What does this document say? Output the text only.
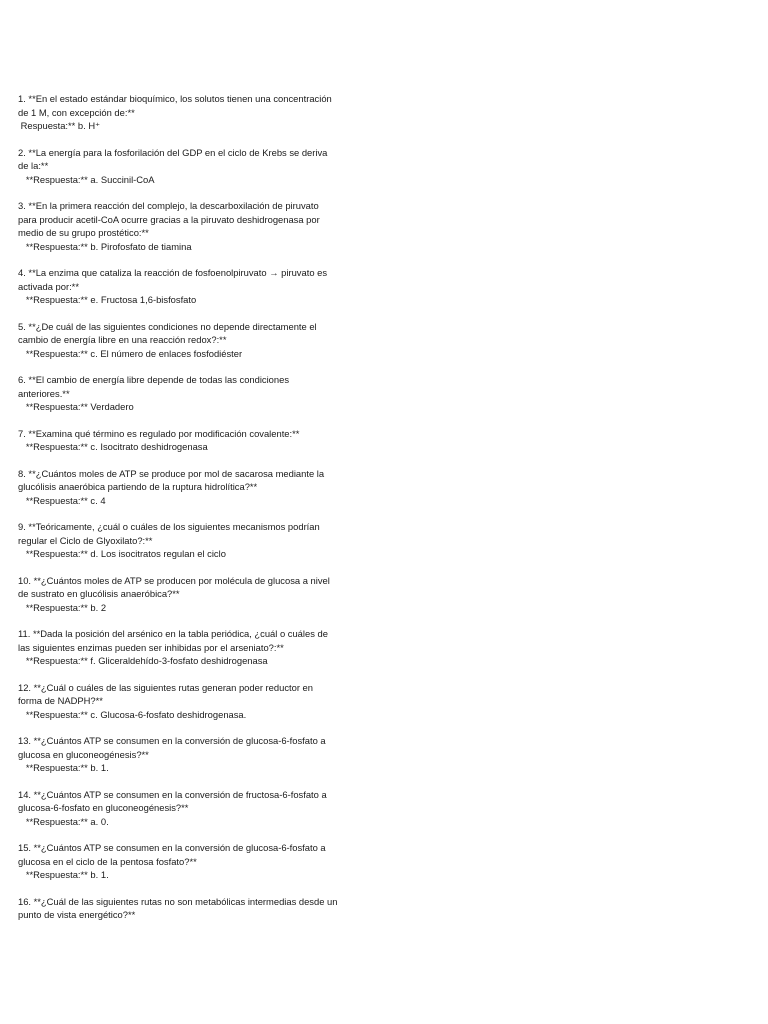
1. **En el estado estándar bioquímico, los solutos tienen una concentración de 1 M, con excepción de:**
Respuesta:** b. H⁺
2. **La energía para la fosforilación del GDP en el ciclo de Krebs se deriva de la:**
**Respuesta:** a. Succinil-CoA
3. **En la primera reacción del complejo, la descarboxilación de piruvato para producir acetil-CoA ocurre gracias a la piruvato deshidrogenasa por medio de su grupo prostético:**
**Respuesta:** b. Pirofosfato de tiamina
4. **La enzima que cataliza la reacción de fosfoenolpiruvato → piruvato es activada por:**
**Respuesta:** e. Fructosa 1,6-bisfosfato
5. **¿De cuál de las siguientes condiciones no depende directamente el cambio de energía libre en una reacción redox?:**
**Respuesta:** c. El número de enlaces fosfodiéster
6. **El cambio de energía libre depende de todas las condiciones anteriores.**
**Respuesta:** Verdadero
7. **Examina qué término es regulado por modificación covalente:**
**Respuesta:** c. Isocitrato deshidrogenasa
8. **¿Cuántos moles de ATP se produce por mol de sacarosa mediante la glucólisis anaeróbica partiendo de la ruptura hidrolítica?**
**Respuesta:** c. 4
9. **Teóricamente, ¿cuál o cuáles de los siguientes mecanismos podrían regular el Ciclo de Glyoxilato?:**
**Respuesta:** d. Los isocitratos regulan el ciclo
10. **¿Cuántos moles de ATP se producen por molécula de glucosa a nivel de sustrato en glucólisis anaeróbica?**
**Respuesta:** b. 2
11. **Dada la posición del arsénico en la tabla periódica, ¿cuál o cuáles de las siguientes enzimas pueden ser inhibidas por el arseniato?:**
**Respuesta:** f. Gliceraldehído-3-fosfato deshidrogenasa
12. **¿Cuál o cuáles de las siguientes rutas generan poder reductor en forma de NADPH?**
**Respuesta:** c. Glucosa-6-fosfato deshidrogenasa.
13. **¿Cuántos ATP se consumen en la conversión de glucosa-6-fosfato a glucosa en gluconeogénesis?**
**Respuesta:** b. 1.
14. **¿Cuántos ATP se consumen en la conversión de fructosa-6-fosfato a glucosa-6-fosfato en gluconeogénesis?**
**Respuesta:** a. 0.
15. **¿Cuántos ATP se consumen en la conversión de glucosa-6-fosfato a glucosa en el ciclo de la pentosa fosfato?**
**Respuesta:** b. 1.
16. **¿Cuál de las siguientes rutas no son metabólicas intermedias desde un punto de vista energético?**
